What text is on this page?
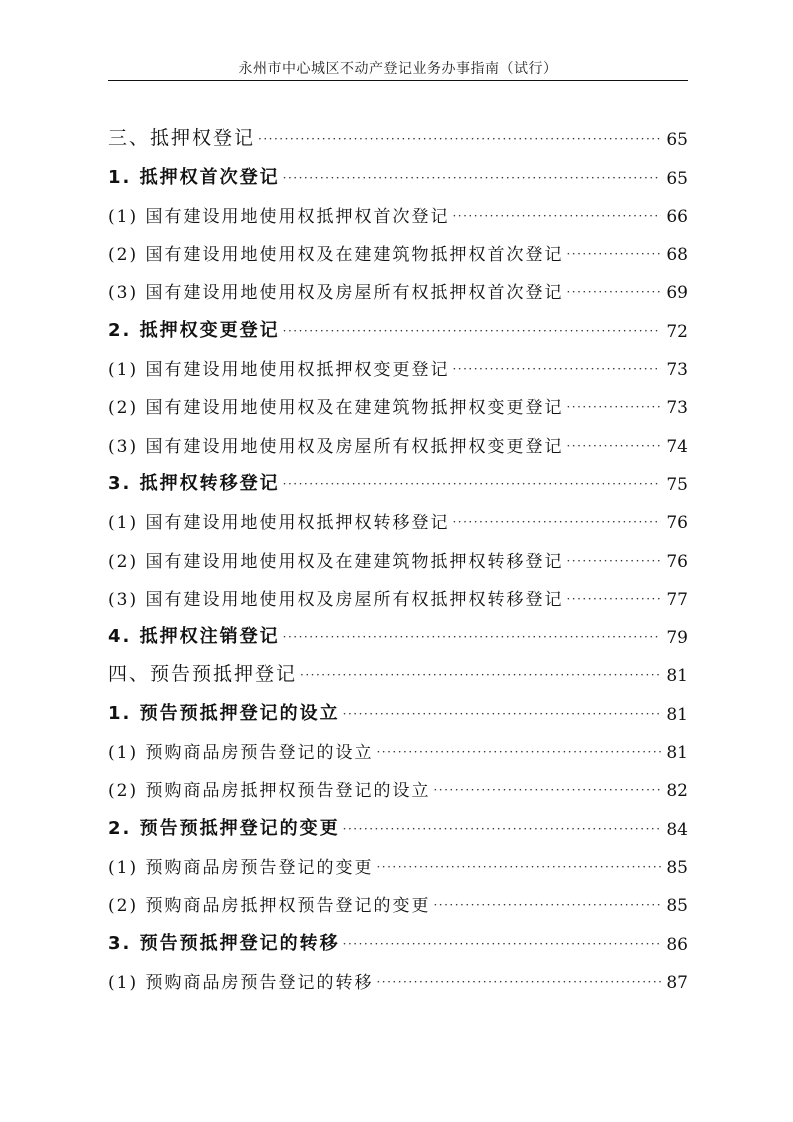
永州市中心城区不动产登记业务办事指南（试行）
三、抵押权登记 ·····	65
1. 抵押权首次登记 ·····	65
(1) 国有建设用地使用权抵押权首次登记 ·····	66
(2) 国有建设用地使用权及在建建筑物抵押权首次登记 ·····	68
(3) 国有建设用地使用权及房屋所有权抵押权首次登记 ·····	69
2. 抵押权变更登记 ·····	72
(1) 国有建设用地使用权抵押权变更登记 ·····	73
(2) 国有建设用地使用权及在建建筑物抵押权变更登记 ·····	73
(3) 国有建设用地使用权及房屋所有权抵押权变更登记 ·····	74
3. 抵押权转移登记 ·····	75
(1) 国有建设用地使用权抵押权转移登记 ·····	76
(2) 国有建设用地使用权及在建建筑物抵押权转移登记 ·····	76
(3) 国有建设用地使用权及房屋所有权抵押权转移登记 ·····	77
4. 抵押权注销登记 ·····	79
四、预告预抵押登记 ·····	81
1. 预告预抵押登记的设立 ·····	81
(1) 预购商品房预告登记的设立 ·····	81
(2) 预购商品房抵押权预告登记的设立 ·····	82
2. 预告预抵押登记的变更 ·····	84
(1) 预购商品房预告登记的变更 ·····	85
(2) 预购商品房抵押权预告登记的变更 ·····	85
3. 预告预抵押登记的转移 ·····	86
(1) 预购商品房预告登记的转移 ·····	87
